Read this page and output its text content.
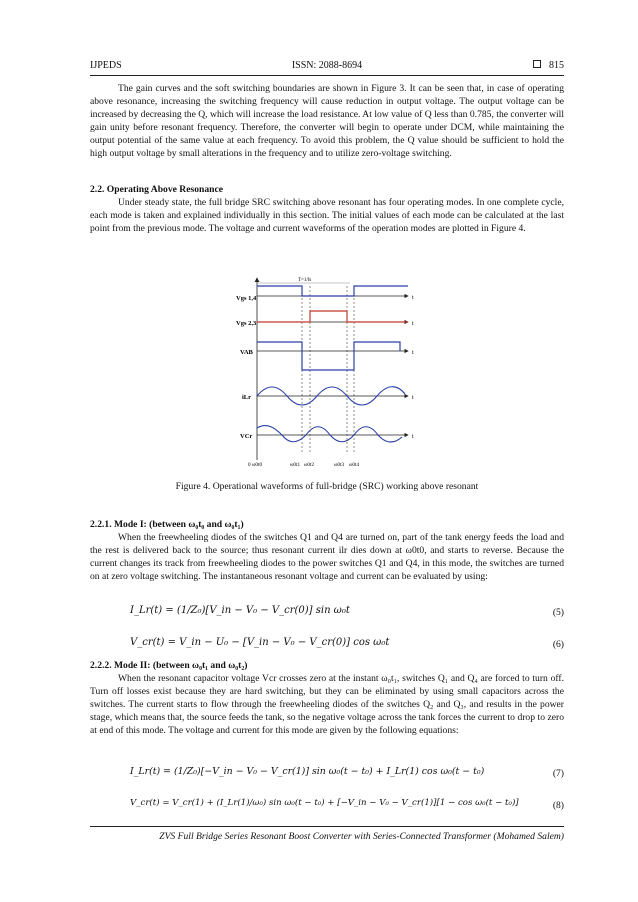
IJPEDS	ISSN: 2088-8694	815

The gain curves and the soft switching boundaries are shown in Figure 3. It can be seen that, in case of operating above resonance, increasing the switching frequency will cause reduction in output voltage. The output voltage can be increased by decreasing the Q, which will increase the load resistance. At low value of Q less than 0.785, the converter will gain unity before resonant frequency. Therefore, the converter will begin to operate under DCM, while maintaining the output potential of the same value at each frequency. To avoid this problem, the Q value should be sufficient to hold the high output voltage by small alterations in the frequency and to utilize zero-voltage switching.

2.2. Operating Above Resonance

Under steady state, the full bridge SRC switching above resonant has four operating modes. In one complete cycle, each mode is taken and explained individually in this section. The initial values of each mode can be calculated at the last point from the previous mode. The voltage and current waveforms of the operation modes are plotted in Figure 4.

T=1/fs
Vgs 1,4
Vgs 2,3
VAB
iLr
VCr
t
t
t
t
t
0 ω0t0	ω0t1 ω0t2	ω0t3 ω0t4
Figure 4. Operational waveforms of full-bridge (SRC) working above resonant

2.2.1. Mode I: (between ω₀t₀ and ω₀t₁)

When the freewheeling diodes of the switches Q1 and Q4 are turned on, part of the tank energy feeds the load and the rest is delivered back to the source; thus resonant current ilr dies down at ω0t0, and starts to reverse. Because the current changes its track from freewheeling diodes to the power switches Q1 and Q4, in this mode, the switches are turned on at zero voltage switching. The instantaneous resonant voltage and current can be evaluated by using:

I_Lr(t) = (1/Z₀)[V_in − V₀ − V_cr(0)] sin ω₀t	(5)
V_cr(t) = V_in − U₀ − [V_in − V₀ − V_cr(0)] cos ω₀t	(6)

2.2.2. Mode II: (between ω₀t₁ and ω₀t₂)

When the resonant capacitor voltage Vcr crosses zero at the instant ω₀t₁, switches Q₁ and Q₄ are forced to turn off. Turn off losses exist because they are hard switching, but they can be eliminated by using small capacitors across the switches. The current starts to flow through the freewheeling diodes of the switches Q₂ and Q₃, and results in the power stage, which means that, the source feeds the tank, so the negative voltage across the tank forces the current to drop to zero at end of this mode. The voltage and current for this mode are given by the following equations:

I_Lr(t) = (1/Z₀)[−V_in − V₀ − V_cr(1)] sin ω₀(t − t₀) + I_Lr(1) cos ω₀(t − t₀)	(7)
V_cr(t) = V_cr(1) + (I_Lr(1)/ω₀) sin ω₀(t − t₀) + [−V_in − V₀ − V_cr(1)][1 − cos ω₀(t − t₀)]	(8)
ZVS Full Bridge Series Resonant Boost Converter with Series-Connected Transformer (Mohamed Salem)
